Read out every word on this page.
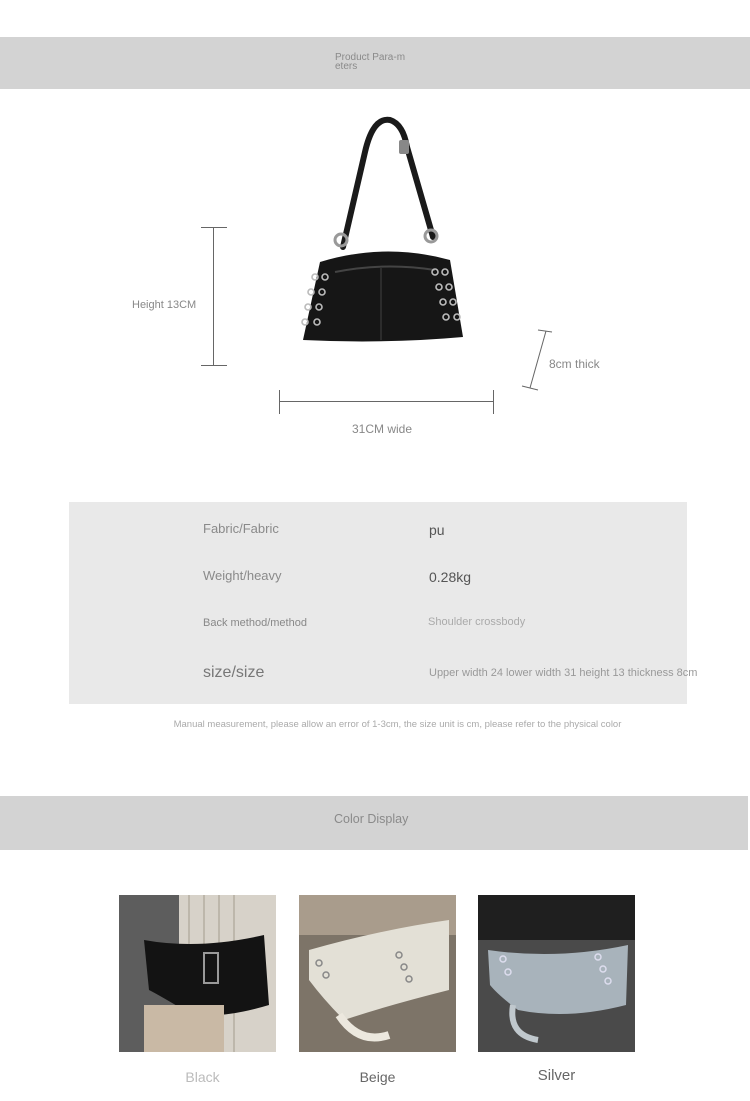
Product Para-meters
Height 13CM
31CM wide
8cm thick
Fabric/Fabric	pu
Weight/heavy	0.28kg
Back method/method	Shoulder crossbody
size/size	Upper width 24 lower width 31 height 13 thickness 8cm
Manual measurement, please allow an error of 1-3cm, the size unit is cm, please refer to the physical color
Color Display
Black	Beige	Silver
